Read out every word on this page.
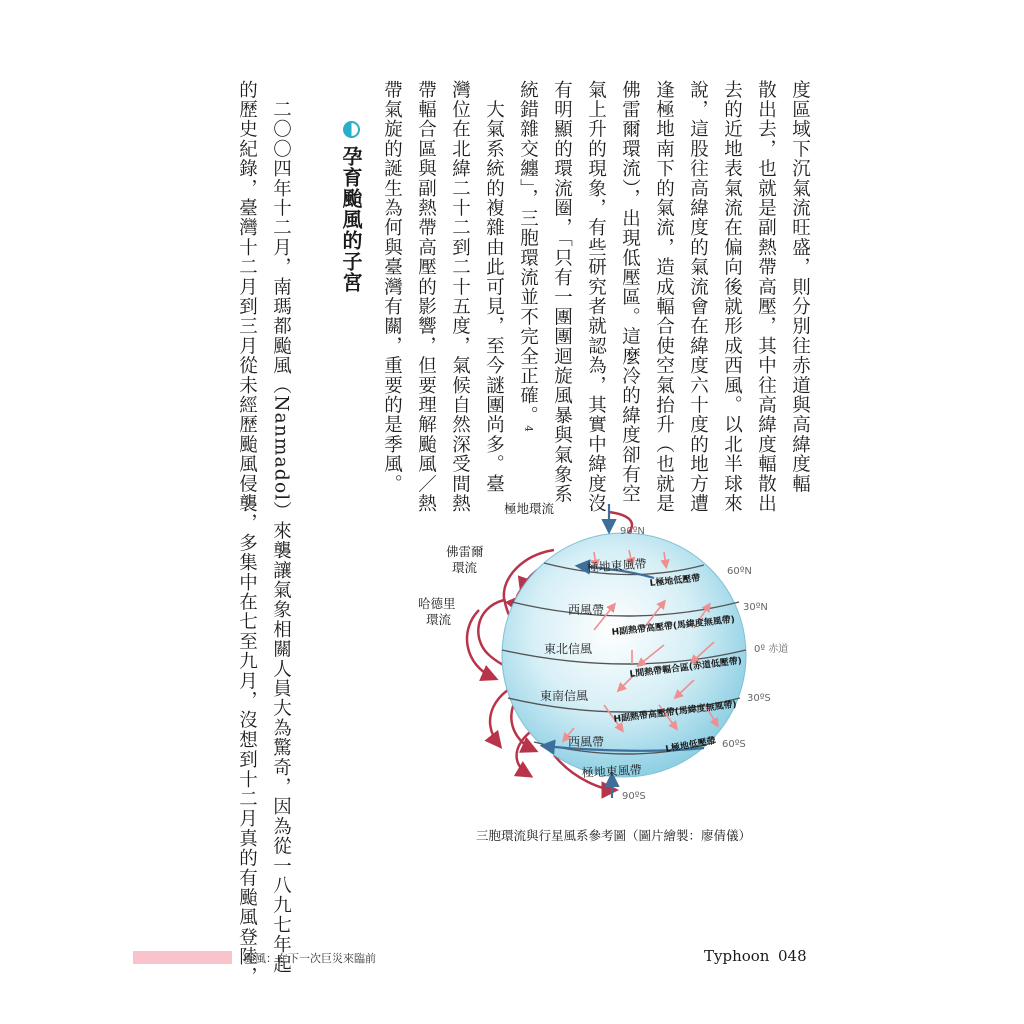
度區域下沉氣流旺盛，則分別往赤道與高緯度輻
散出去，也就是副熱帶高壓，其中往高緯度輻散出
去的近地表氣流在偏向後就形成西風。以北半球來
說，這股往高緯度的氣流會在緯度六十度的地方遭
逢極地南下的氣流，造成輻合使空氣抬升（也就是
佛雷爾環流），出現低壓區。這麼冷的緯度卻有空
氣上升的現象，有些研究者就認為，其實中緯度沒
有明顯的環流圈，「只有一團團迴旋風暴與氣象系
統錯雜交纏」，三胞環流並不完全正確。4
　大氣系統的複雜由此可見，至今謎團尚多。臺
灣位在北緯二十二到二十五度，氣候自然深受間熱
帶輻合區與副熱帶高壓的影響，但要理解颱風／熱
帶氣旋的誕生為何與臺灣有關，重要的是季風。
孕育颱風的子宮
　二〇〇四年十二月，南瑪都颱風（Nanmadol）來襲讓氣象相關人員大為驚奇，因為從一八九七年起
的歷史紀錄，臺灣十二月到三月從未經歷颱風侵襲，多集中在七至九月，沒想到十二月真的有颱風登陸，	極地環流
佛雷爾
環流
哈德里
環流
90ºN
60ºN
30ºN
0º 赤道
30ºS
60ºS
90ºS
極地東風帶
西風帶
東北信風
東南信風
西風帶
極地東風帶
L極地低壓帶
H副熱帶高壓帶(馬緯度無風帶)
L間熱帶輻合區(赤道低壓帶)
H副熱帶高壓帶(馬緯度無風帶)
L極地低壓帶
三胞環流與行星風系參考圖（圖片繪製：廖倩儀）
颱風：在下一次巨災來臨前	Typhoon 048
